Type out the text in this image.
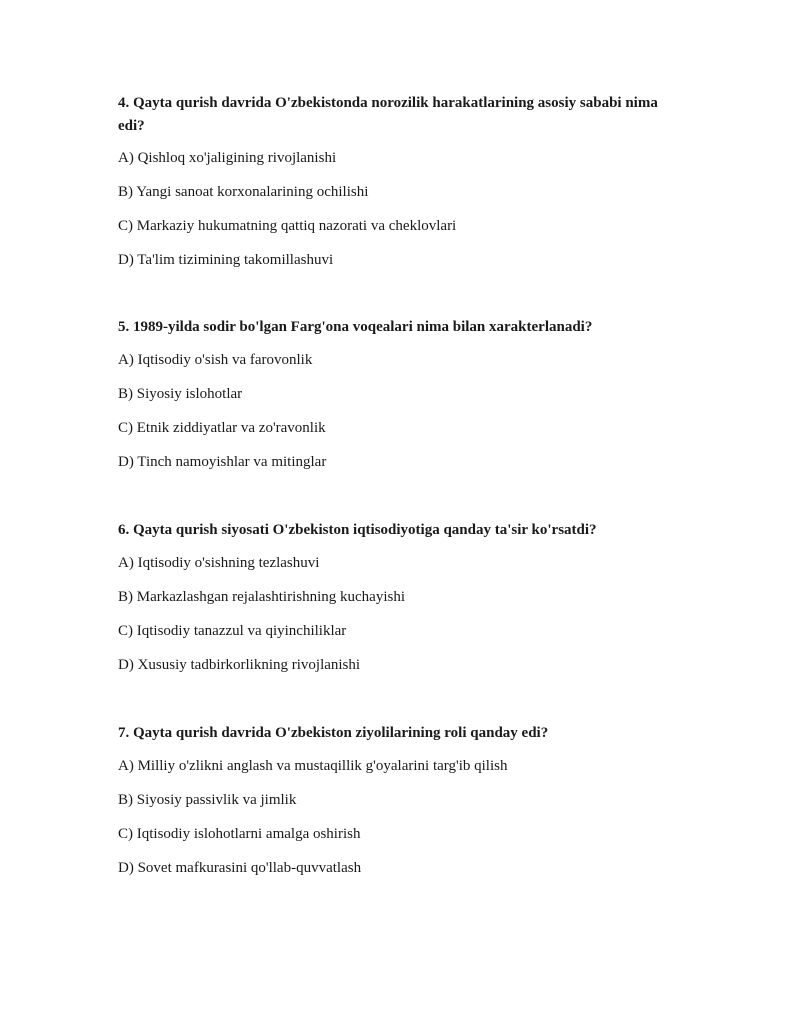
4. Qayta qurish davrida O'zbekistonda norozilik harakatlarining asosiy sababi nima edi?

A) Qishloq xo'jaligining rivojlanishi

B) Yangi sanoat korxonalarining ochilishi

C) Markaziy hukumatning qattiq nazorati va cheklovlari

D) Ta'lim tizimining takomillashuvi

5. 1989-yilda sodir bo'lgan Farg'ona voqealari nima bilan xarakterlanadi?

A) Iqtisodiy o'sish va farovonlik

B) Siyosiy islohotlar

C) Etnik ziddiyatlar va zo'ravonlik

D) Tinch namoyishlar va mitinglar

6. Qayta qurish siyosati O'zbekiston iqtisodiyotiga qanday ta'sir ko'rsatdi?

A) Iqtisodiy o'sishning tezlashuvi

B) Markazlashgan rejalashtirishning kuchayishi

C) Iqtisodiy tanazzul va qiyinchiliklar

D) Xususiy tadbirkorlikning rivojlanishi

7. Qayta qurish davrida O'zbekiston ziyolilarining roli qanday edi?

A) Milliy o'zlikni anglash va mustaqillik g'oyalarini targ'ib qilish

B) Siyosiy passivlik va jimlik

C) Iqtisodiy islohotlarni amalga oshirish

D) Sovet mafkurasini qo'llab-quvvatlash
